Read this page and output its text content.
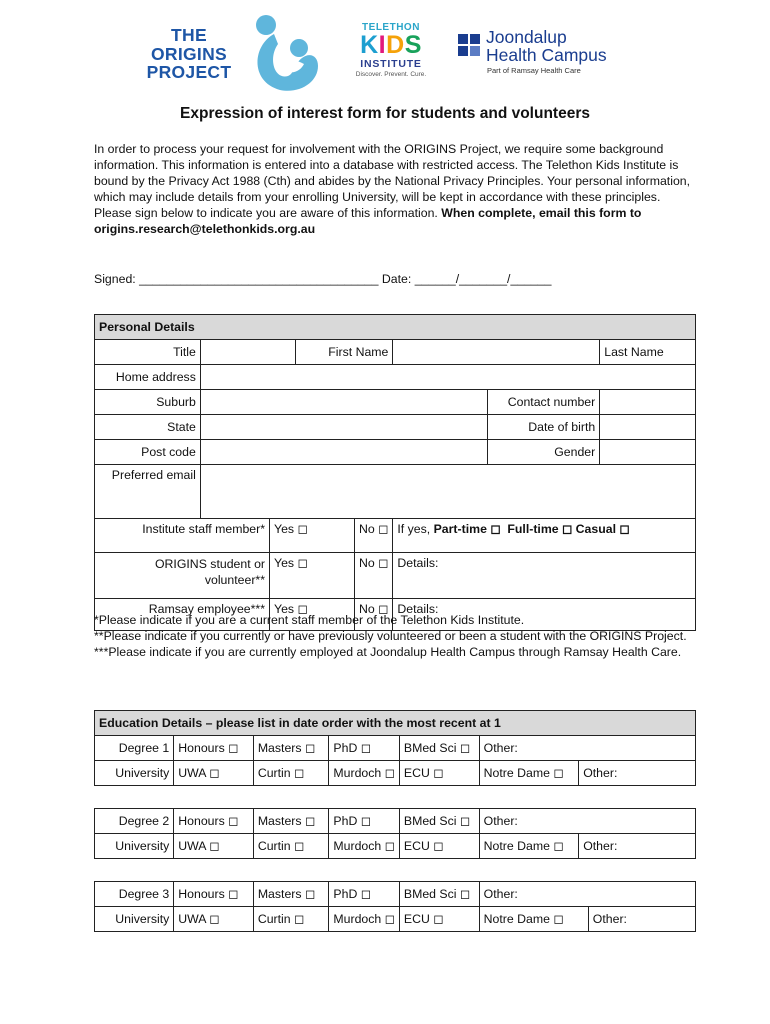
THE
ORIGINS
PROJECT
TELETHON
KIDS
INSTITUTE
Discover. Prevent. Cure.
Joondalup
Health Campus
Part of Ramsay Health Care
Expression of interest form for students and volunteers
In order to process your request for involvement with the ORIGINS Project, we require some background information. This information is entered into a database with restricted access. The Telethon Kids Institute is bound by the Privacy Act 1988 (Cth) and abides by the National Privacy Principles. Your personal information, which may include details from your enrolling University, will be kept in accordance with these principles. Please sign below to indicate you are aware of this information. When complete, email this form to origins.research@telethonkids.org.au
Signed: ___________________________________ Date: ______/_______/______
Personal Details							
Title			First Name				Last Name

Home address							
Suburb						Contact number	
State						Date of birth	
Post code						Gender	
Preferred email							
Institute staff member*		Yes ◻		No ◻	If yes, Part-time ◻ Full-time ◻ Casual ◻		
ORIGINS student or volunteer**		Yes ◻		No ◻	Details:		
Ramsay employee***		Yes ◻		No ◻	Details:		
*Please indicate if you are a current staff member of the Telethon Kids Institute.
**Please indicate if you currently or have previously volunteered or been a student with the ORIGINS Project.
***Please indicate if you are currently employed at Joondalup Health Campus through Ramsay Health Care.
Education Details – please list in date order with the most recent at 1						
Degree 1	Honours ◻	Masters ◻	PhD ◻	BMed Sci ◻	Other:	
University	UWA ◻	Curtin ◻	Murdoch ◻	ECU ◻	Notre Dame ◻	Other:
Degree 2	Honours ◻	Masters ◻	PhD ◻	BMed Sci ◻	Other:	
University	UWA ◻	Curtin ◻	Murdoch ◻	ECU ◻	Notre Dame ◻	Other:
Degree 3	Honours ◻	Masters ◻	PhD ◻	BMed Sci ◻	Other:	
University	UWA ◻	Curtin ◻	Murdoch ◻	ECU ◻	Notre Dame ◻	Other:
